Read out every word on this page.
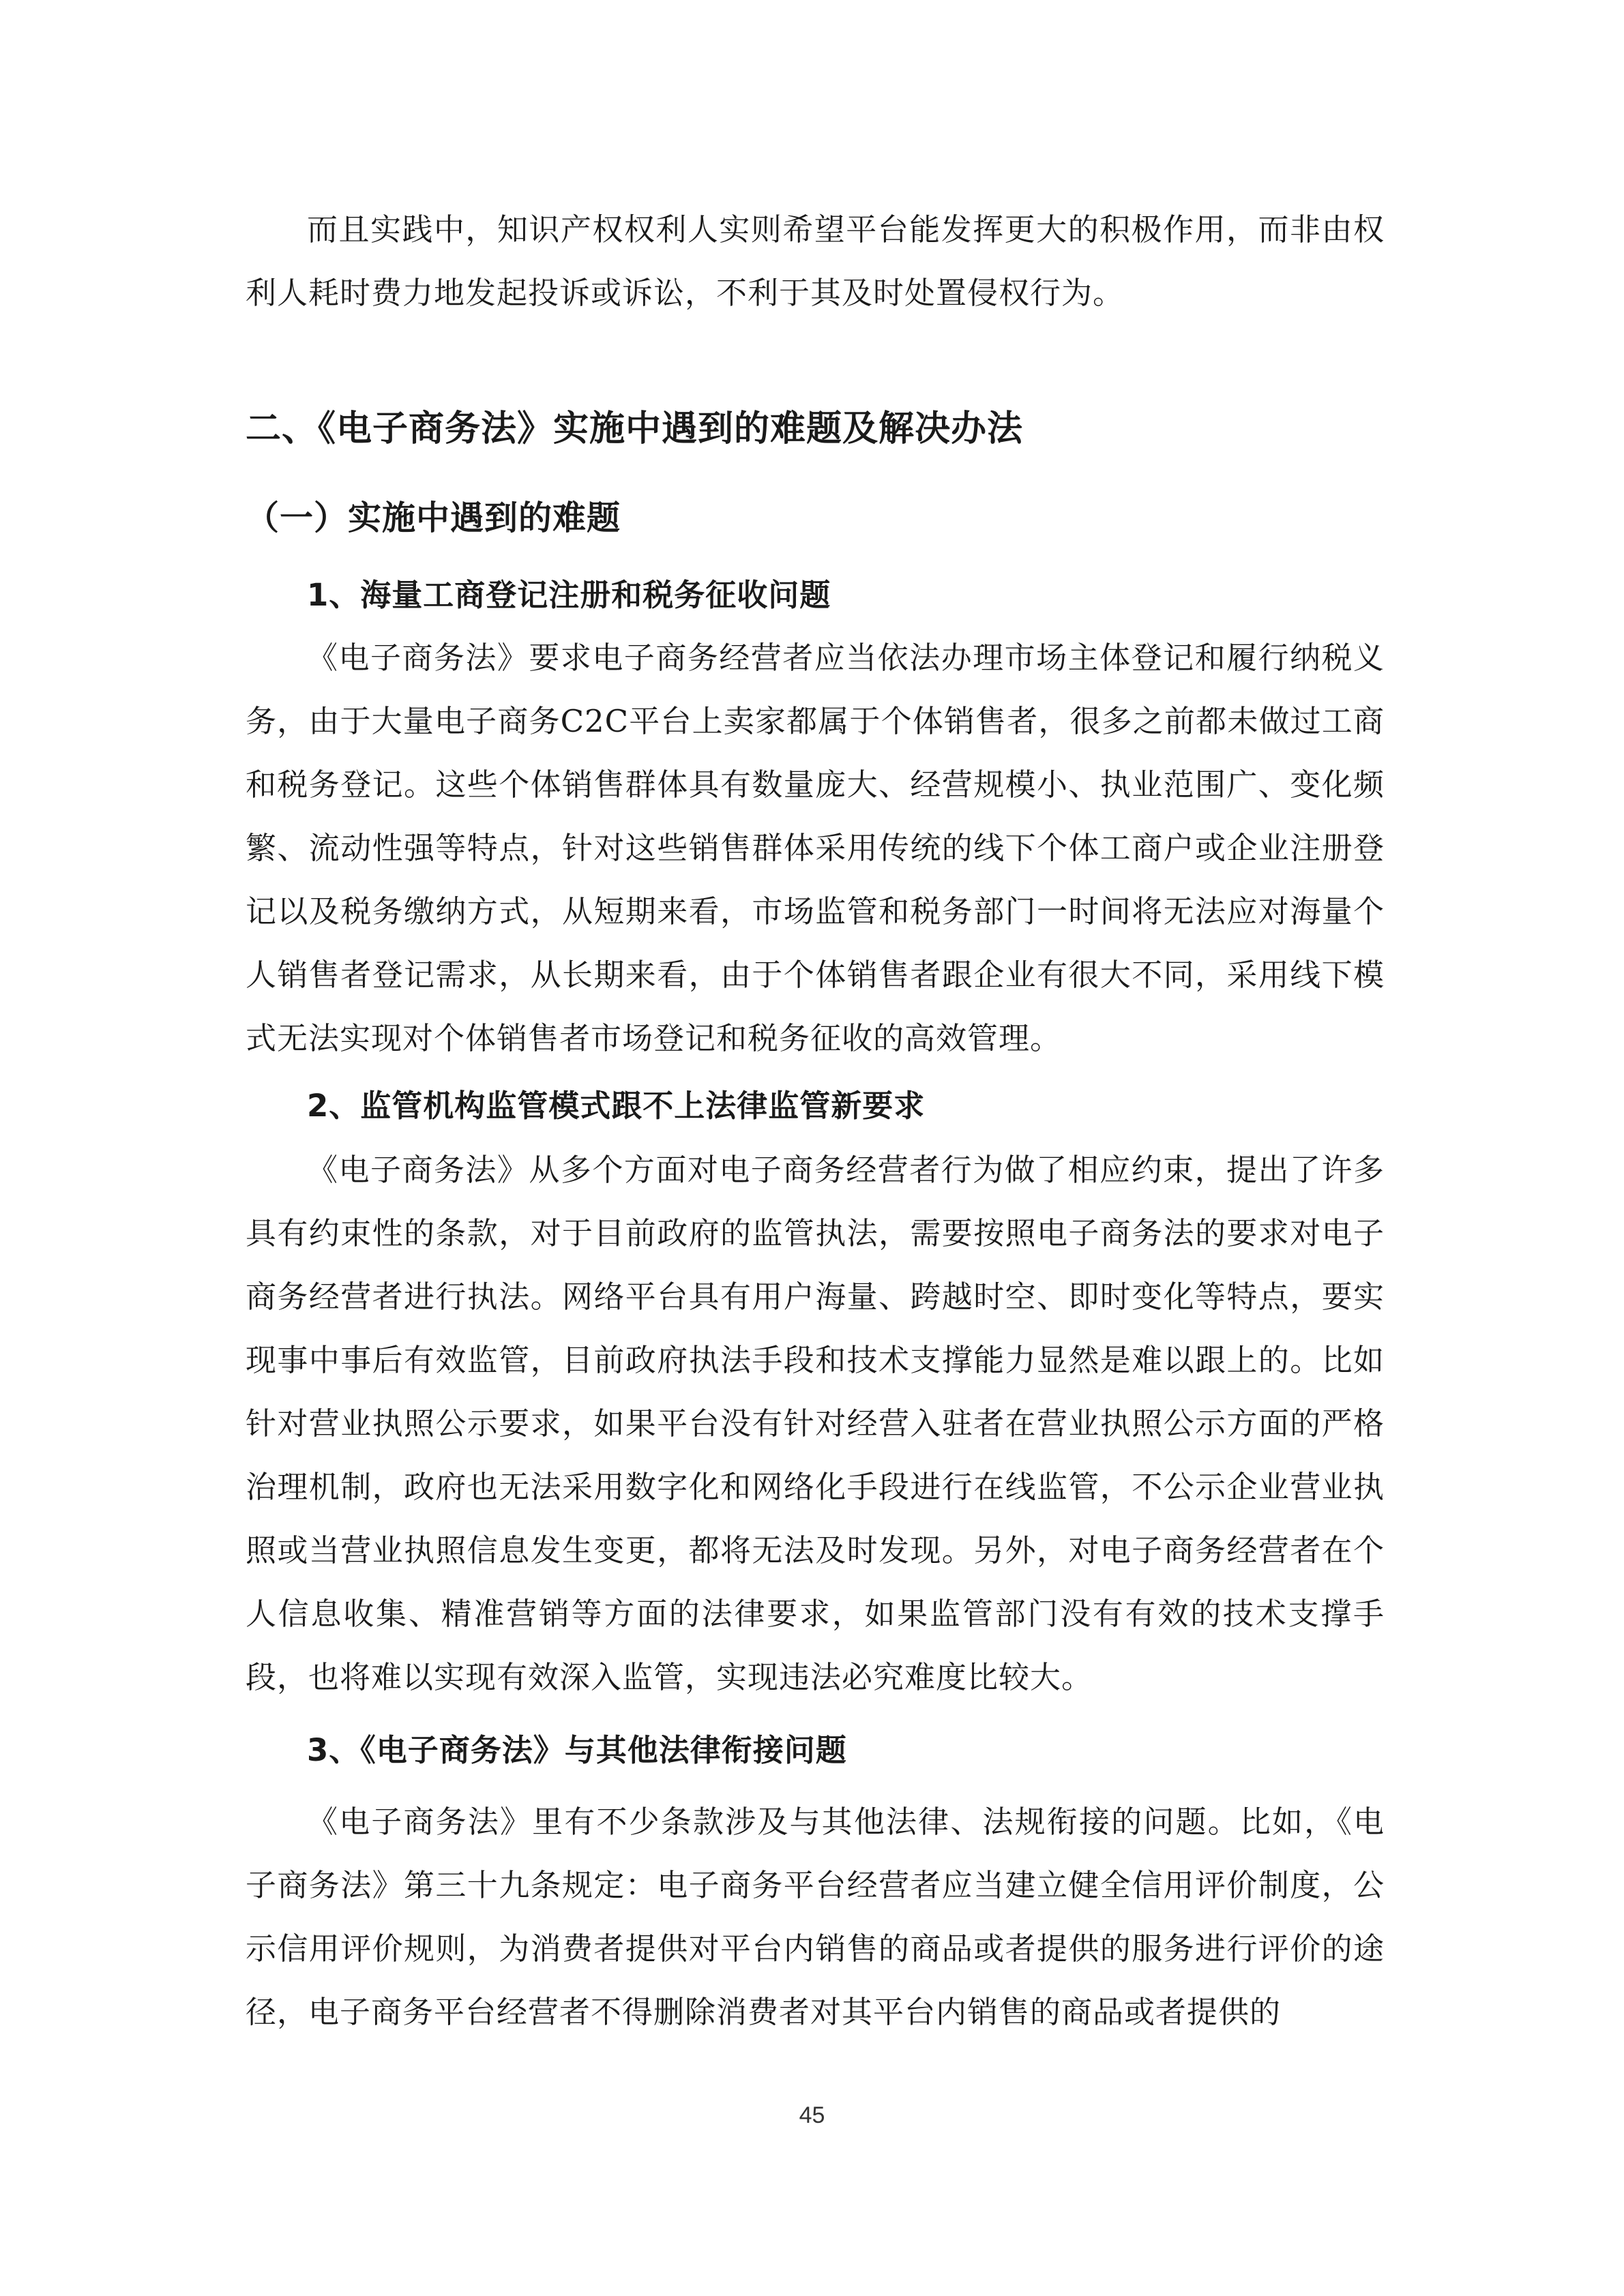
而且实践中，知识产权权利人实则希望平台能发挥更大的积极作用，而非由权利人耗时费力地发起投诉或诉讼，不利于其及时处置侵权行为。

二、《电子商务法》实施中遇到的难题及解决办法
（一）实施中遇到的难题
1、海量工商登记注册和税务征收问题

《电子商务法》要求电子商务经营者应当依法办理市场主体登记和履行纳税义务，由于大量电子商务C2C平台上卖家都属于个体销售者，很多之前都未做过工商和税务登记。这些个体销售群体具有数量庞大、经营规模小、执业范围广、变化频繁、流动性强等特点，针对这些销售群体采用传统的线下个体工商户或企业注册登记以及税务缴纳方式，从短期来看，市场监管和税务部门一时间将无法应对海量个人销售者登记需求，从长期来看，由于个体销售者跟企业有很大不同，采用线下模式无法实现对个体销售者市场登记和税务征收的高效管理。

2、监管机构监管模式跟不上法律监管新要求

《电子商务法》从多个方面对电子商务经营者行为做了相应约束，提出了许多具有约束性的条款，对于目前政府的监管执法，需要按照电子商务法的要求对电子商务经营者进行执法。网络平台具有用户海量、跨越时空、即时变化等特点，要实现事中事后有效监管，目前政府执法手段和技术支撑能力显然是难以跟上的。比如针对营业执照公示要求，如果平台没有针对经营入驻者在营业执照公示方面的严格治理机制，政府也无法采用数字化和网络化手段进行在线监管，不公示企业营业执照或当营业执照信息发生变更，都将无法及时发现。另外，对电子商务经营者在个人信息收集、精准营销等方面的法律要求，如果监管部门没有有效的技术支撑手段，也将难以实现有效深入监管，实现违法必究难度比较大。

3、《电子商务法》与其他法律衔接问题

《电子商务法》里有不少条款涉及与其他法律、法规衔接的问题。比如，《电子商务法》第三十九条规定：电子商务平台经营者应当建立健全信用评价制度，公示信用评价规则，为消费者提供对平台内销售的商品或者提供的服务进行评价的途径，电子商务平台经营者不得删除消费者对其平台内销售的商品或者提供的

45
